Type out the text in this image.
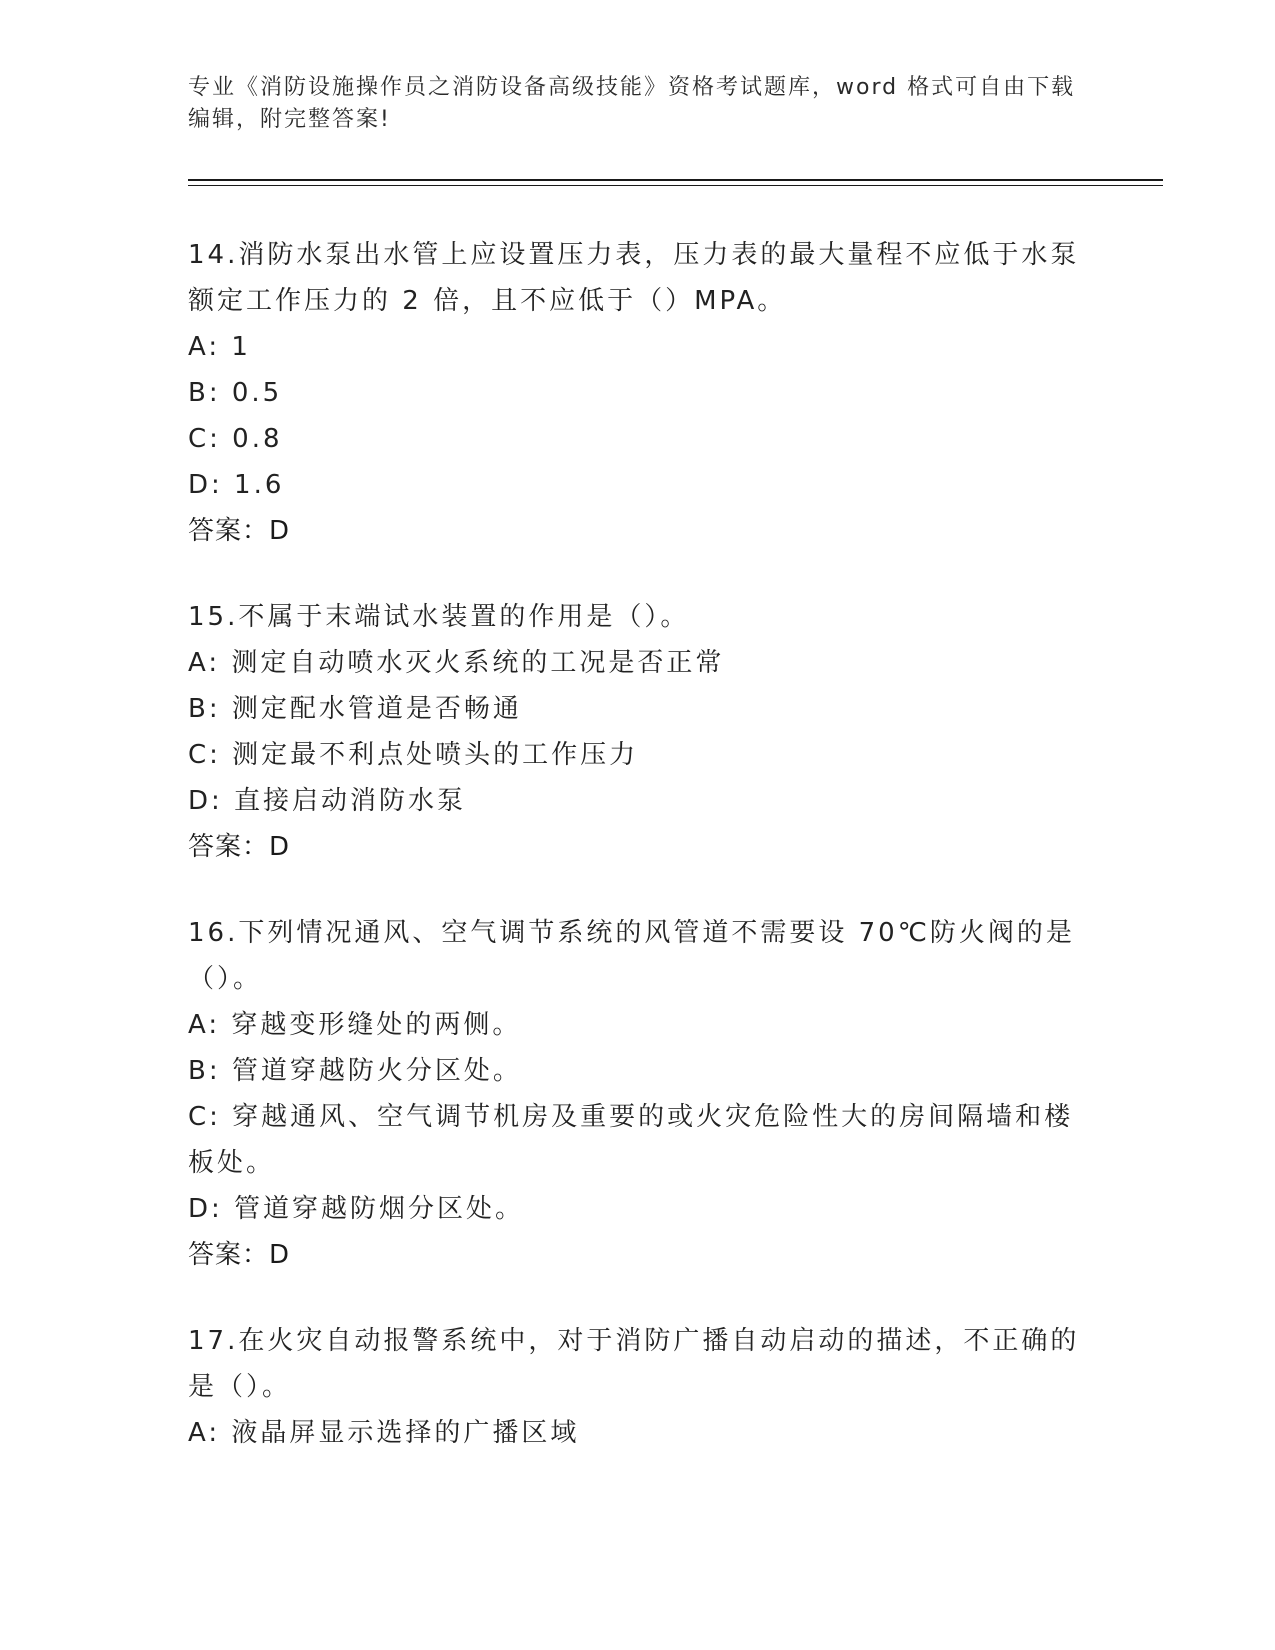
专业《消防设施操作员之消防设备高级技能》资格考试题库，word 格式可自由下载编辑，附完整答案!
14.消防水泵出水管上应设置压力表，压力表的最大量程不应低于水泵额定工作压力的 2 倍，且不应低于（）MPA。
A: 1
B: 0.5
C: 0.8
D: 1.6
答案：D
15.不属于末端试水装置的作用是（）。
A: 测定自动喷水灭火系统的工况是否正常
B: 测定配水管道是否畅通
C: 测定最不利点处喷头的工作压力
D: 直接启动消防水泵
答案：D
16.下列情况通风、空气调节系统的风管道不需要设 70℃防火阀的是（）。
A: 穿越变形缝处的两侧。
B: 管道穿越防火分区处。
C: 穿越通风、空气调节机房及重要的或火灾危险性大的房间隔墙和楼板处。
D: 管道穿越防烟分区处。
答案：D
17.在火灾自动报警系统中，对于消防广播自动启动的描述，不正确的是（）。
A: 液晶屏显示选择的广播区域
